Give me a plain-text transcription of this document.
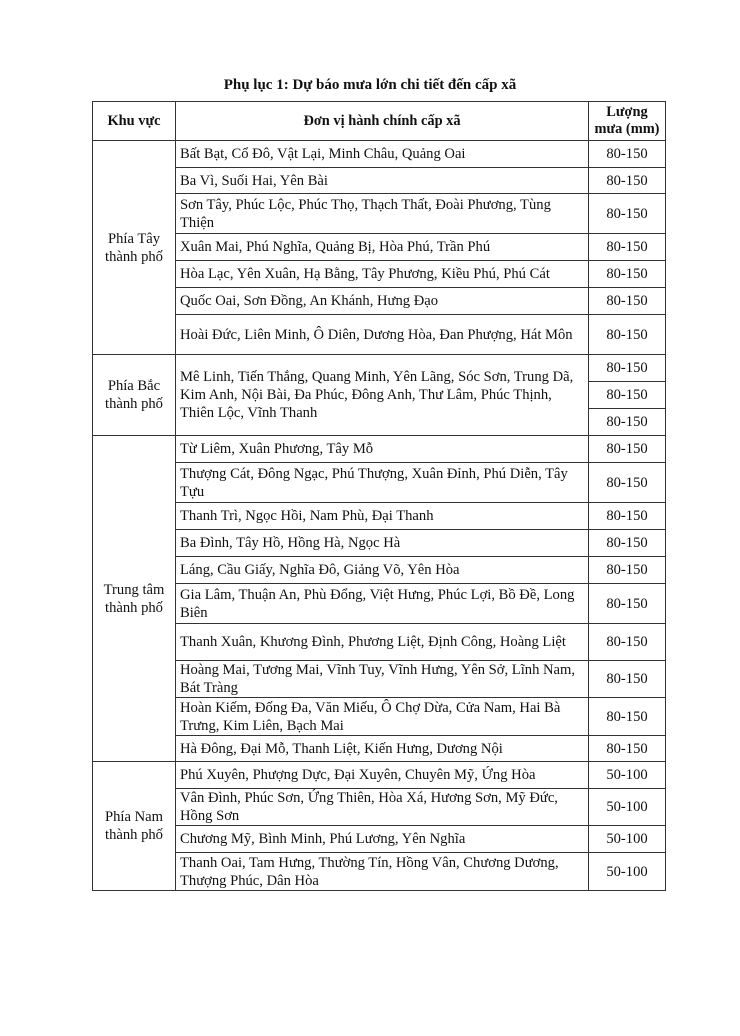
Phụ lục 1: Dự báo mưa lớn chi tiết đến cấp xã
Khu vực	Đơn vị hành chính cấp xã	Lượng
mưa (mm)

Phía Tây
thành phố	Bất Bạt, Cổ Đô, Vật Lại, Minh Châu, Quảng Oai	80-150
	Ba Vì, Suối Hai, Yên Bài	80-150
	Sơn Tây, Phúc Lộc, Phúc Thọ, Thạch Thất, Đoài Phương, Tùng Thiện	80-150
	Xuân Mai, Phú Nghĩa, Quảng Bị, Hòa Phú, Trần Phú	80-150
	Hòa Lạc, Yên Xuân, Hạ Bằng, Tây Phương, Kiều Phú, Phú Cát	80-150
	Quốc Oai, Sơn Đồng, An Khánh, Hưng Đạo	80-150
	Hoài Đức, Liên Minh, Ô Diên, Dương Hòa, Đan Phượng, Hát Môn	80-150

Phía Bắc
thành phố	Mê Linh, Tiến Thắng, Quang Minh, Yên Lãng, Sóc Sơn, Trung Dã, Kim Anh, Nội Bài, Đa Phúc, Đông Anh, Thư Lâm, Phúc Thịnh, Thiên Lộc, Vĩnh Thanh	80-150
		80-150
		80-150

Trung tâm
thành phố	Từ Liêm, Xuân Phương, Tây Mỗ	80-150
	Thượng Cát, Đông Ngạc, Phú Thượng, Xuân Đỉnh, Phú Diễn, Tây Tựu	80-150
	Thanh Trì, Ngọc Hồi, Nam Phù, Đại Thanh	80-150
	Ba Đình, Tây Hồ, Hồng Hà, Ngọc Hà	80-150
	Láng, Cầu Giấy, Nghĩa Đô, Giảng Võ, Yên Hòa	80-150
	Gia Lâm, Thuận An, Phù Đổng, Việt Hưng, Phúc Lợi, Bồ Đề, Long Biên	80-150
	Thanh Xuân, Khương Đình, Phương Liệt, Định Công, Hoàng Liệt	80-150
	Hoàng Mai, Tương Mai, Vĩnh Tuy, Vĩnh Hưng, Yên Sở, Lĩnh Nam, Bát Tràng	80-150
	Hoàn Kiếm, Đống Đa, Văn Miếu, Ô Chợ Dừa, Cửa Nam, Hai Bà Trưng, Kim Liên, Bạch Mai	80-150
	Hà Đông, Đại Mỗ, Thanh Liệt, Kiến Hưng, Dương Nội	80-150

Phía Nam
thành phố	Phú Xuyên, Phượng Dực, Đại Xuyên, Chuyên Mỹ, Ứng Hòa	50-100
	Vân Đình, Phúc Sơn, Ứng Thiên, Hòa Xá, Hương Sơn, Mỹ Đức, Hồng Sơn	50-100
	Chương Mỹ, Bình Minh, Phú Lương, Yên Nghĩa	50-100
	Thanh Oai, Tam Hưng, Thường Tín, Hồng Vân, Chương Dương, Thượng Phúc, Dân Hòa	50-100
